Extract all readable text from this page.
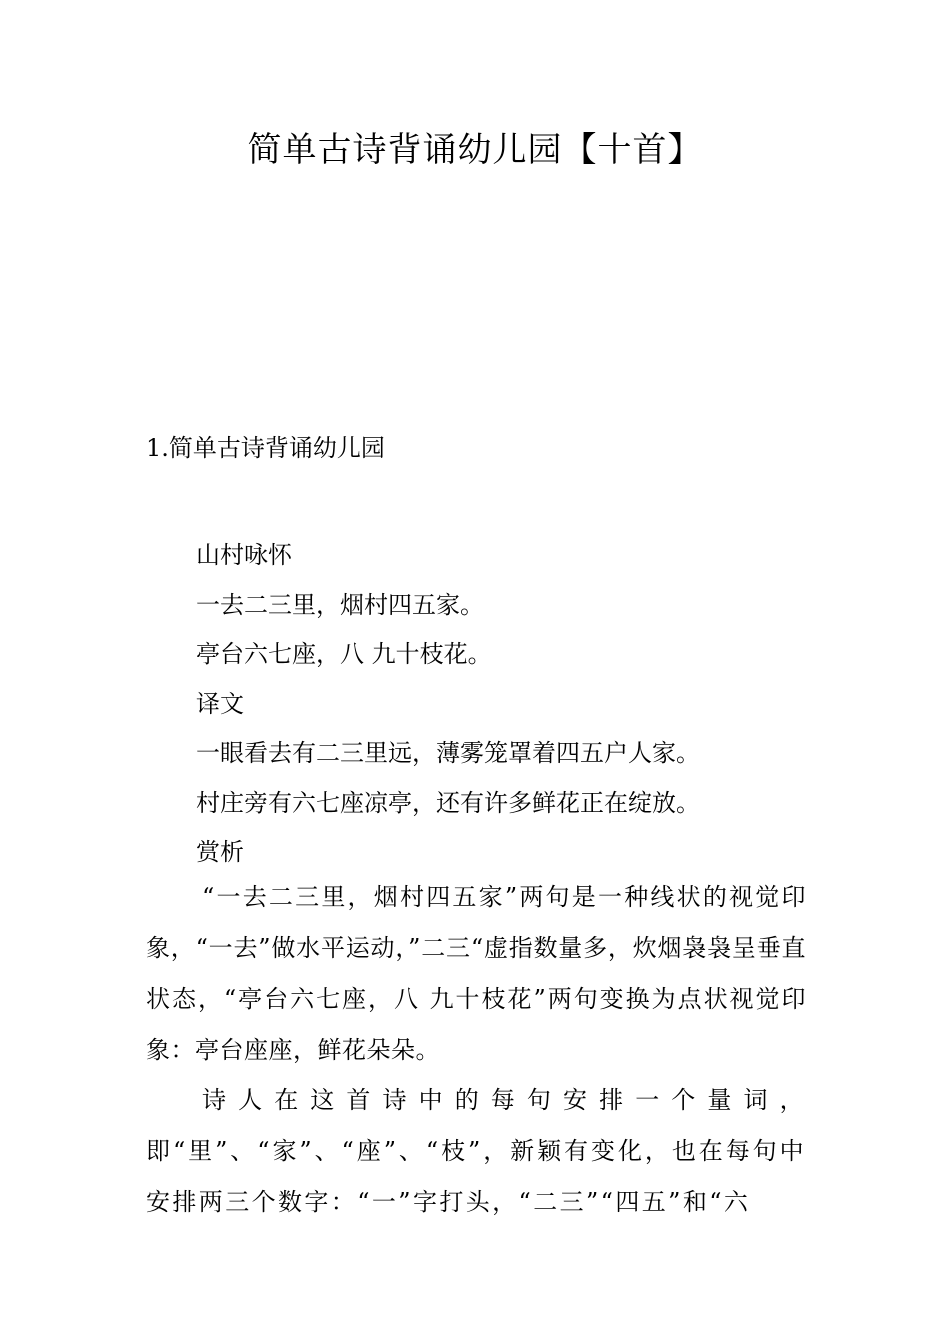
简单古诗背诵幼儿园【十首】
1.简单古诗背诵幼儿园
山村咏怀
一去二三里，烟村四五家。
亭台六七座，八 九十枝花。
译文
一眼看去有二三里远，薄雾笼罩着四五户人家。
村庄旁有六七座凉亭，还有许多鲜花正在绽放。
赏析

“一去二三里，烟村四五家”两句是一种线状的视觉印象，“一去”做水平运动，”二三“虚指数量多，炊烟袅袅呈垂直状态，“亭台六七座，八 九十枝花”两句变换为点状视觉印象：亭台座座，鲜花朵朵。

诗人在这首诗中的每句安排一个量词，即“里”、“家”、“座”、“枝”，新颖有变化，也在每句中安排两三个数字：“一”字打头，“二三”“四五”和“六
